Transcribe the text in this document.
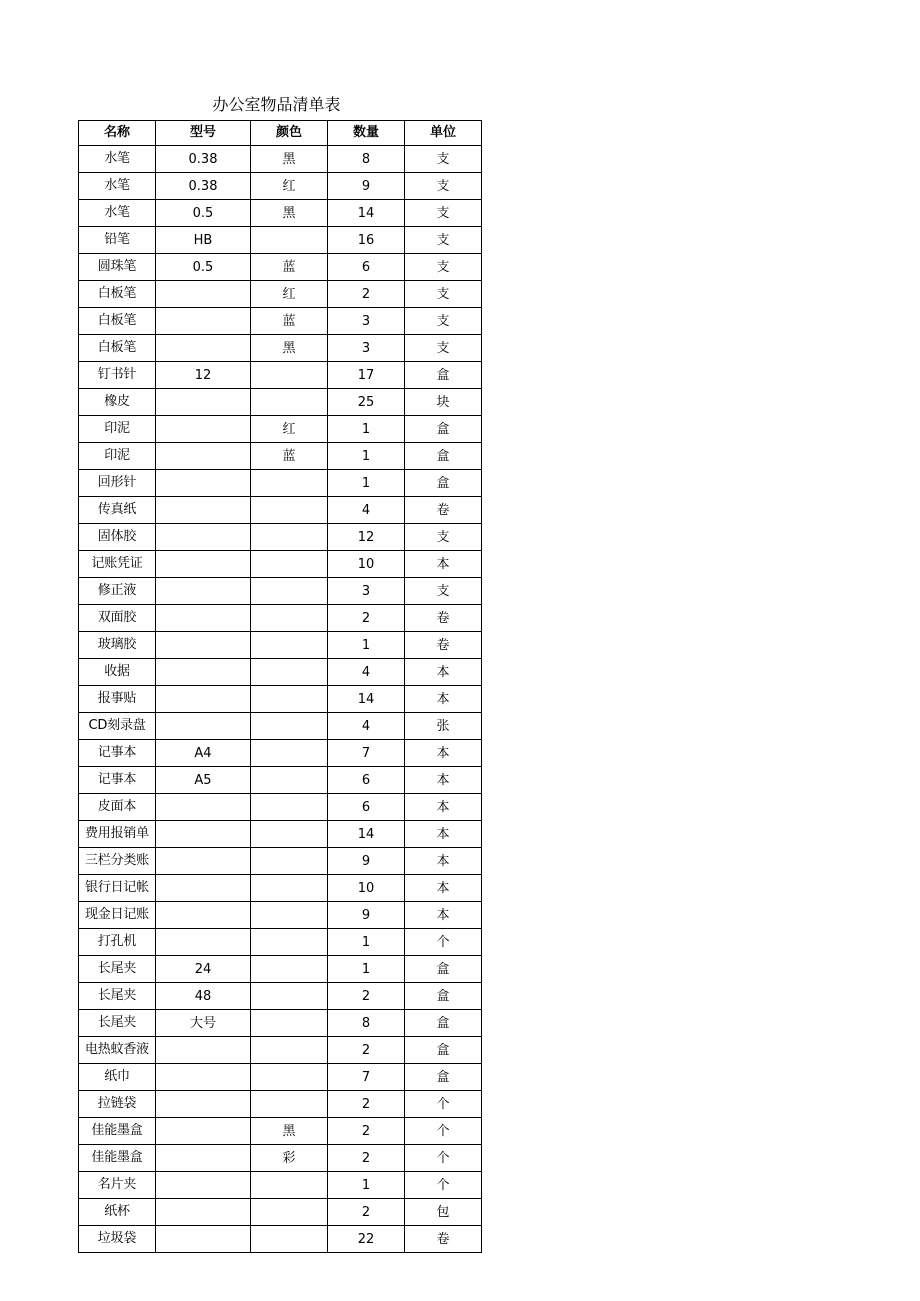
办公室物品清单表
名称	型号	颜色	数量	单位
水笔	0.38	黑	8	支
水笔	0.38	红	9	支
水笔	0.5	黑	14	支
铅笔	HB		16	支
圆珠笔	0.5	蓝	6	支
白板笔		红	2	支
白板笔		蓝	3	支
白板笔		黑	3	支
钉书针	12		17	盒
橡皮			25	块
印泥		红	1	盒
印泥		蓝	1	盒
回形针			1	盒
传真纸			4	卷
固体胶			12	支
记账凭证			10	本
修正液			3	支
双面胶			2	卷
玻璃胶			1	卷
收据			4	本
报事贴			14	本
CD刻录盘			4	张
记事本	A4		7	本
记事本	A5		6	本
皮面本			6	本
费用报销单			14	本
三栏分类账			9	本
银行日记帐			10	本
现金日记账			9	本
打孔机			1	个
长尾夹	24		1	盒
长尾夹	48		2	盒
长尾夹	大号		8	盒
电热蚊香液			2	盒
纸巾			7	盒
拉链袋			2	个
佳能墨盒		黑	2	个
佳能墨盒		彩	2	个
名片夹			1	个
纸杯			2	包
垃圾袋			22	卷
